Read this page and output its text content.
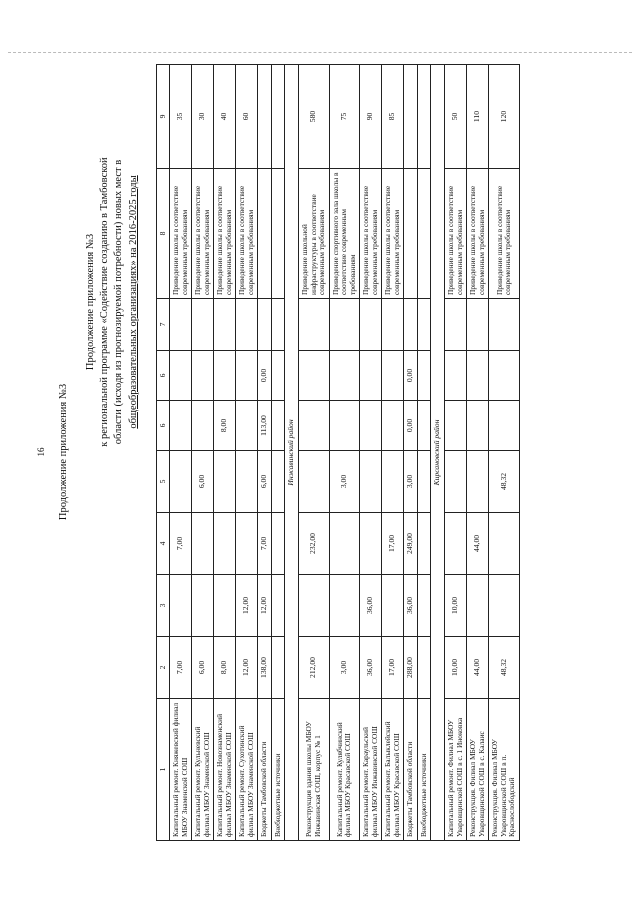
16 Продолжение приложения №3
Продолжение приложения №3 к региональной программе «Содействие созданию в Тамбовской области (исходя из прогнозируемой потребности) новых мест в общеобразовательных организациях» на 2016-2025 годы
1	2	3	4	5	6	6	7	8	9
Капитальный ремонт. Княжевский филиал МБОУ Знаменской СОШ	7,00		7,00					Приведение школы в соответствие современным требованиям	35
Капитальный ремонт. Кульневский филиал МБОУ Знаменской СОШ	6,00			6,00				Приведение школы в соответствие современным требованиям	30
Капитальный ремонт. Новознаменский филиал МБОУ Знаменской СОШ	8,00				8,00			Приведение школы в соответствие современным требованиям	40
Капитальный ремонт. Сухотинский филиал МБОУ Знаменской СОШ	12,00	12,00						Приведение школы в соответствие современным требованиям	60
Бюджеты Тамбовской области	138,00	12,00	7,00	6,00	113,00	0,00			
Внебюджетные источники									
Инжавинский район									
Реконструкция здания школы МБОУ Инжавинская СОШ, корпус № 1	212,00		232,00					Приведение школьной инфраструктуры в соответствие современным требованиям	580
Капитальный ремонт. Кулябчинский филиал МБОУ Красавской СОШ	3,00			3,00				Приведение спортивного зала школы в соответствие современным требованиям	75
Капитальный ремонт. Караульский филиал МБОУ Инжавинской СОШ	36,00	36,00						Приведение школы в соответствие современным требованиям	90
Капитальный ремонт. Балыклейский филиал МБОУ Красавской СОШ	17,00		17,00					Приведение школы в соответствие современным требованиям	85
Бюджеты Тамбовской области	288,00	36,00	249,00	3,00	0,00	0,00			
Внебюджетные источники									
Кирсановский район									
Капитальный ремонт. Филиал МБОУ Уваровщинской СОШ в с. 1 Иноковка	10,00	10,00						Приведение школы в соответствие современным требованиям	50
Реконструкция. Филиал МБОУ Уваровщинской СОШ в с. Калаис	44,00		44,00					Приведение школы в соответствие современным требованиям	110
Реконструкция. Филиал МБОУ Уваровщинской СОШ в п. Краснослободский	48,32			48,32				Приведение школы в соответствие современным требованиям	120
